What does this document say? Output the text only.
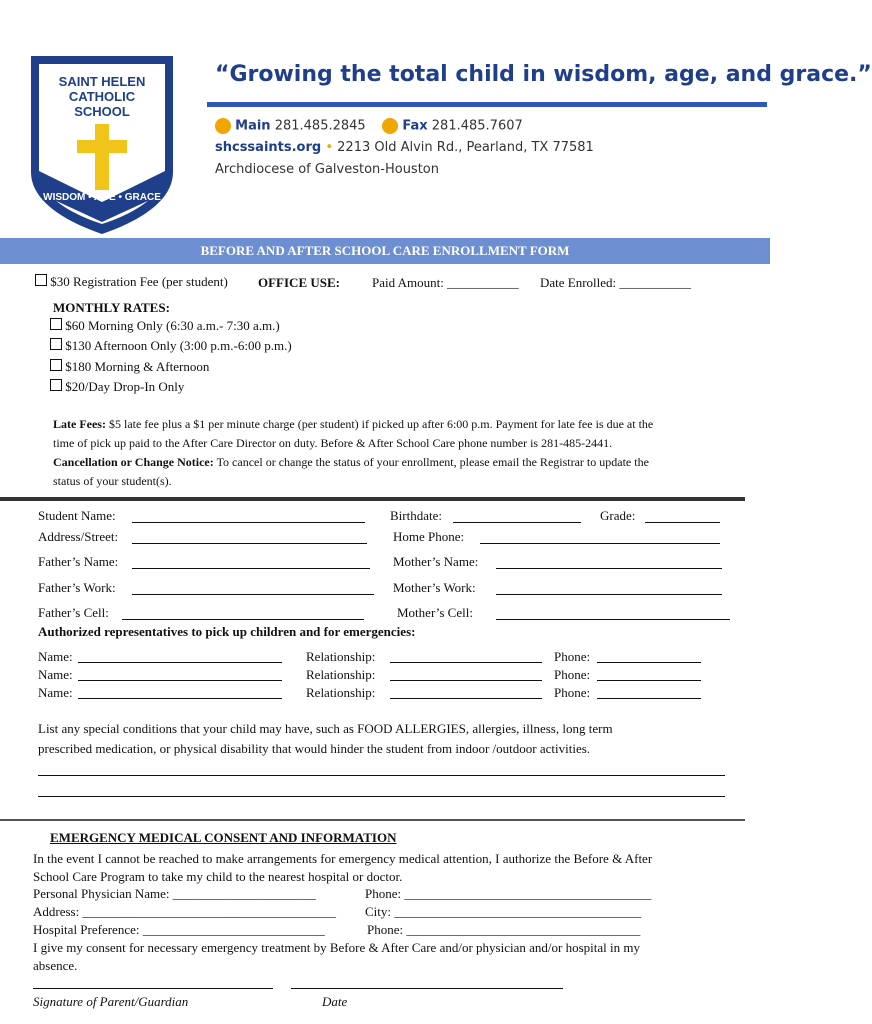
SAINT HELEN
CATHOLIC
SCHOOL
WISDOM • AGE • GRACE
“Growing the total child in wisdom, age, and grace.”
Main 281.485.2845	Fax 281.485.7607
shcssaints.org • 2213 Old Alvin Rd., Pearland, TX 77581
Archdiocese of Galveston-Houston
BEFORE AND AFTER SCHOOL CARE ENROLLMENT FORM
$30 Registration Fee (per student) OFFICE USE: Paid Amount: ___________ Date Enrolled: ___________
MONTHLY RATES:
$60 Morning Only (6:30 a.m.- 7:30 a.m.)
$130 Afternoon Only (3:00 p.m.-6:00 p.m.)
$180 Morning & Afternoon
$20/Day Drop-In Only
Late Fees: $5 late fee plus a $1 per minute charge (per student) if picked up after 6:00 p.m. Payment for late fee is due at the
time of pick up paid to the After Care Director on duty. Before & After School Care phone number is 281-485-2441.
Cancellation or Change Notice: To cancel or change the status of your enrollment, please email the Registrar to update the
status of your student(s).
Student Name:	Birthdate:	Grade:
Address/Street:	Home Phone:
Father’s Name:	Mother’s Name:
Father’s Work:	Mother’s Work:
Father’s Cell:	Mother’s Cell:
Authorized representatives to pick up children and for emergencies:
Name:	Relationship:	Phone:
Name:	Relationship:	Phone:
Name:	Relationship:	Phone:
List any special conditions that your child may have, such as FOOD ALLERGIES, allergies, illness, long term
prescribed medication, or physical disability that would hinder the student from indoor /outdoor activities.
EMERGENCY MEDICAL CONSENT AND INFORMATION
In the event I cannot be reached to make arrangements for emergency medical attention, I authorize the Before & After
School Care Program to take my child to the nearest hospital or doctor.
Personal Physician Name: ______________________	Phone: ______________________________________
Address: _______________________________________ City: ______________________________________
Hospital Preference: ____________________________	Phone: ____________________________________
I give my consent for necessary emergency treatment by Before & After Care and/or physician and/or hospital in my
absence.
Signature of Parent/Guardian	Date
